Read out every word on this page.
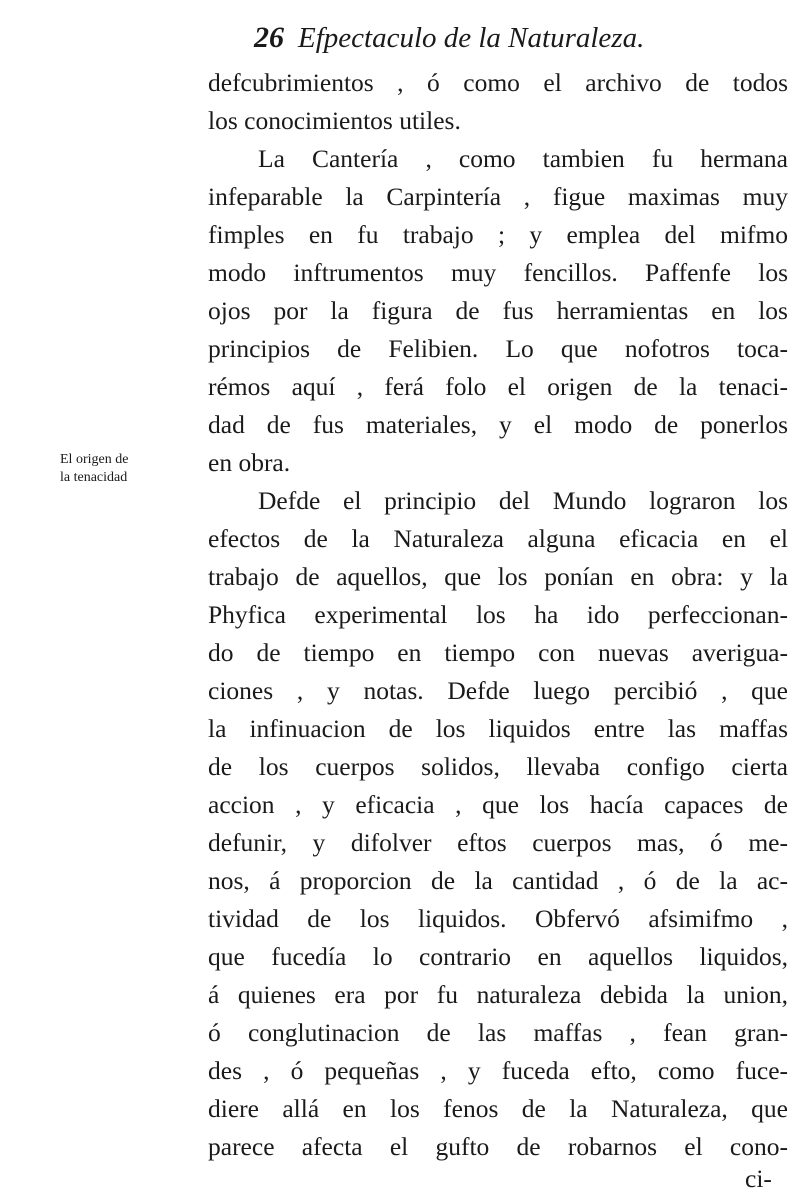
26 Efpectaculo de la Naturaleza.
El origen de
la tenacidad
defcubrimientos , ó como el archivo de todos
los conocimientos utiles.
La Cantería , como tambien fu hermana
infeparable la Carpintería , figue maximas muy
fimples en fu trabajo ; y emplea del mifmo
modo inftrumentos muy fencillos. Paffenfe los
ojos por la figura de fus herramientas en los
principios de Felibien. Lo que nofotros toca-
rémos aquí , ferá folo el origen de la tenaci-
dad de fus materiales, y el modo de ponerlos
en obra.
Defde el principio del Mundo lograron los
efectos de la Naturaleza alguna eficacia en el
trabajo de aquellos, que los ponían en obra: y la
Phyfica experimental los ha ido perfeccionan-
do de tiempo en tiempo con nuevas averigua-
ciones , y notas. Defde luego percibió , que
la infinuacion de los liquidos entre las maffas
de los cuerpos solidos, llevaba configo cierta
accion , y eficacia , que los hacía capaces de
defunir, y difolver eftos cuerpos mas, ó me-
nos, á proporcion de la cantidad , ó de la ac-
tividad de los liquidos. Obfervó afsimifmo ,
que fucedía lo contrario en aquellos liquidos,
á quienes era por fu naturaleza debida la union,
ó conglutinacion de las maffas , fean gran-
des , ó pequeñas , y fuceda efto, como fuce-
diere allá en los fenos de la Naturaleza, que
parece afecta el gufto de robarnos el cono-
ci-
